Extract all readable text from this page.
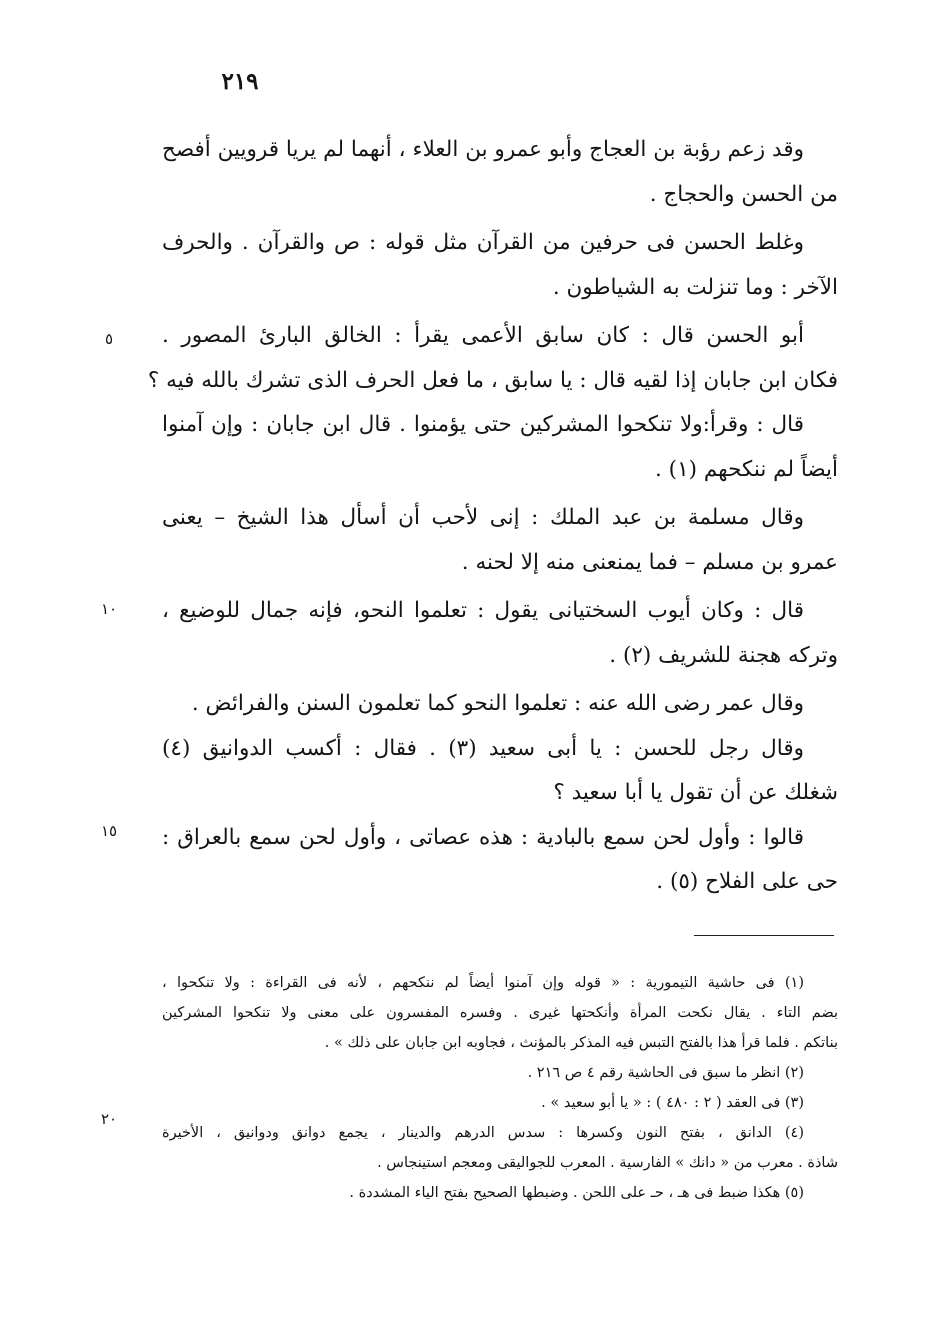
٢١٩
٥
١٠
١٥
٢٠
وقد زعم رؤبة بن العجاج وأبو عمرو بن العلاء ، أنهما لم يريا قرويين أفصح
من الحسن والحجاج .
وغلط الحسن فى حرفين من القرآن مثل قوله : ص والقرآن . والحرف
الآخر : وما تنزلت به الشياطون .
أبو الحسن قال : كان سابق الأعمى يقرأ : الخالق البارئ المصور .
فكان ابن جابان إذا لقيه قال : يا سابق ، ما فعل الحرف الذى تشرك بالله فيه ؟
قال : وقرأ:ولا تنكحوا المشركين حتى يؤمنوا . قال ابن جابان : وإن آمنوا
أيضاً لم ننكحهم (١) .
وقال مسلمة بن عبد الملك : إنى لأحب أن أسأل هذا الشيخ – يعنى
عمرو بن مسلم – فما يمنعنى منه إلا لحنه .
قال : وكان أيوب السختيانى يقول : تعلموا النحو، فإنه جمال للوضيع ،
وتركه هجنة للشريف (٢) .
وقال عمر رضى الله عنه : تعلموا النحو كما تعلمون السنن والفرائض .
وقال رجل للحسن : يا أبى سعيد (٣) . فقال : أكسب الدوانيق (٤)
شغلك عن أن تقول يا أبا سعيد ؟
قالوا : وأول لحن سمع بالبادية : هذه عصاتى ، وأول لحن سمع بالعراق :
حى على الفلاح (٥) .
(١) فى حاشية التيمورية : « قوله وإن آمنوا أيضاً لم ننكحهم ، لأنه فى القراءة : ولا تنكحوا ،
بضم التاء . يقال نكحت المرأة وأنكحتها غيرى . وفسره المفسرون على معنى ولا تنكحوا المشركين
بناتكم . فلما قرأ هذا بالفتح التبس فيه المذكر بالمؤنث ، فجاوبه ابن جابان على ذلك » .
(٢) انظر ما سبق فى الحاشية رقم ٤ ص ٢١٦ .
(٣) فى العقد ( ٢ : ٤٨٠ ) : « يا أبو سعيد » .
(٤) الدانق ، بفتح النون وكسرها : سدس الدرهم والدينار ، يجمع دوانق ودوانيق ، الأخيرة
شاذة . معرب من « دانك » الفارسية . المعرب للجواليقى ومعجم استينجاس .
(٥) هكذا ضبط فى هـ ، حـ على اللحن . وضبطها الصحيح بفتح الياء المشددة .
